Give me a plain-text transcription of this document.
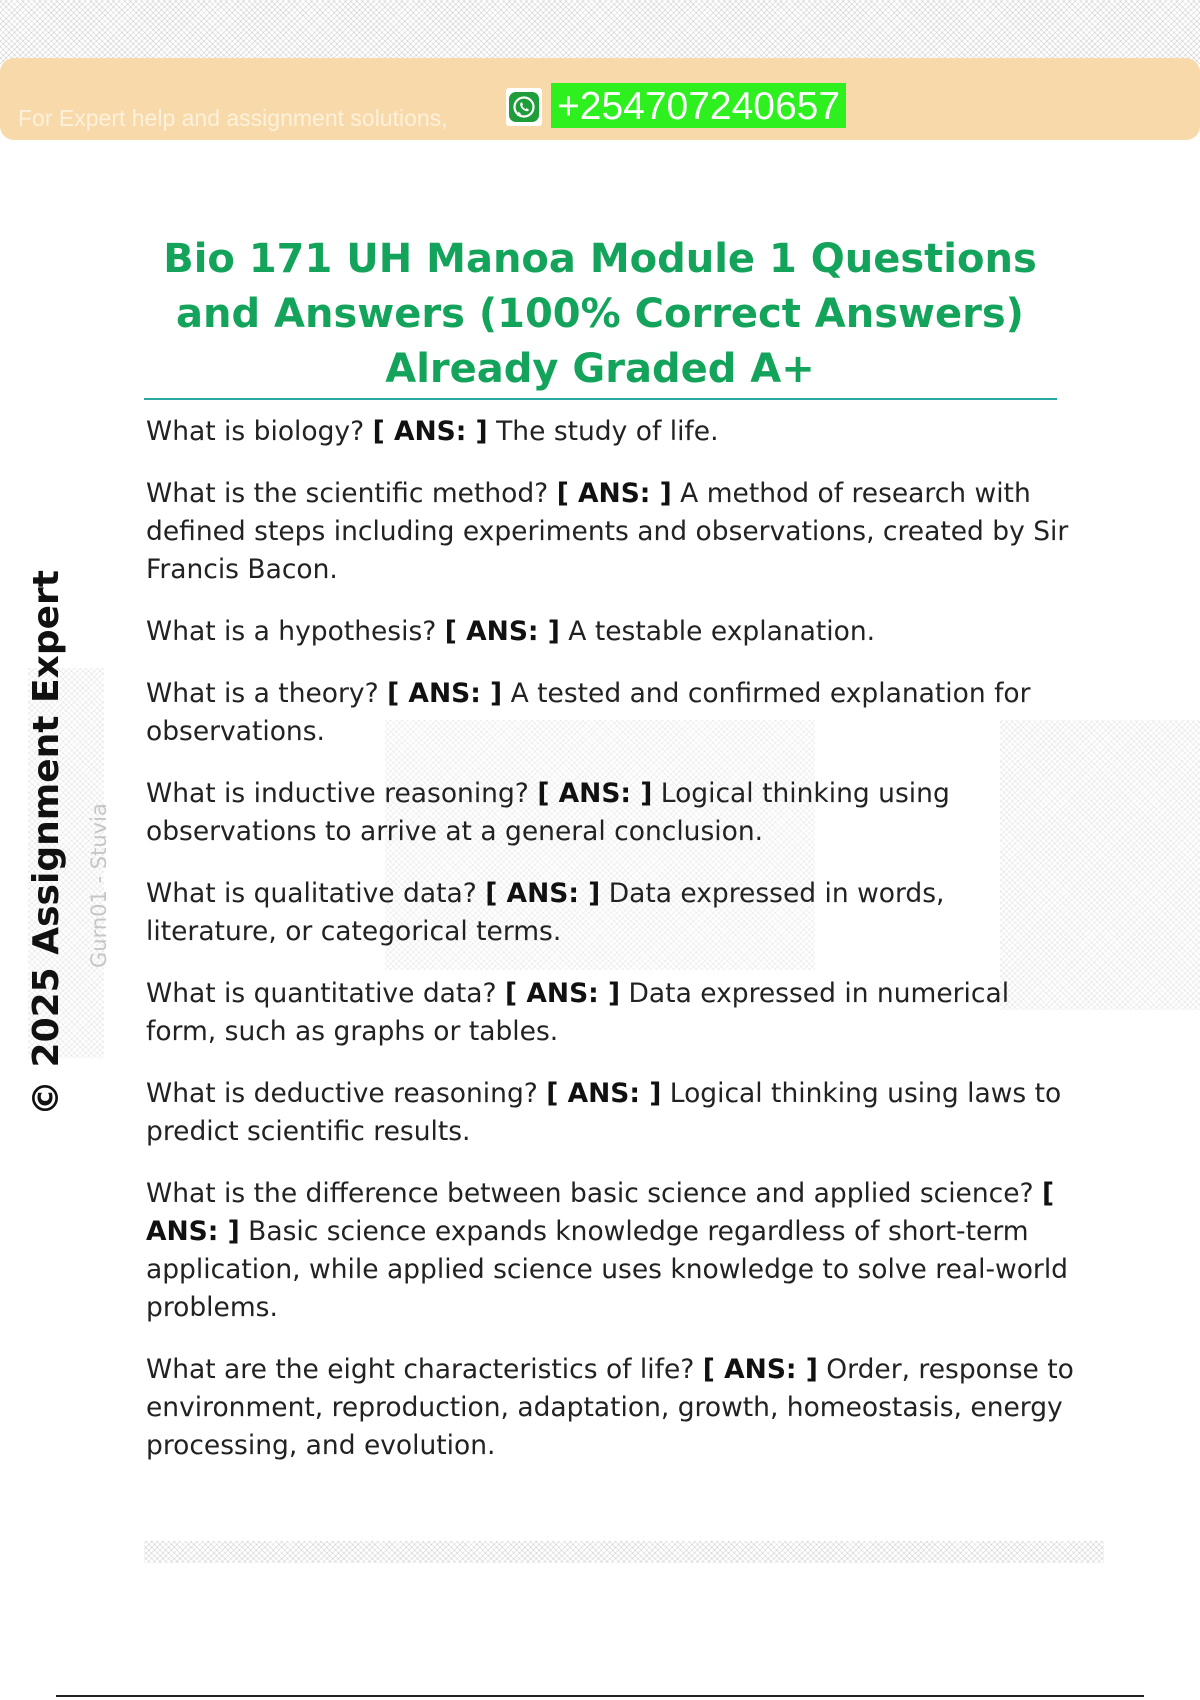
For Expert help and assignment solutions,	+254707240657
© 2025 Assignment Expert Gurn01 - Stuvia
Bio 171 UH Manoa Module 1 Questions and Answers (100% Correct Answers) Already Graded A+

What is biology? [ ANS: ] The study of life.

What is the scientific method? [ ANS: ] A method of research with defined steps including experiments and observations, created by Sir Francis Bacon.

What is a hypothesis? [ ANS: ] A testable explanation.

What is a theory? [ ANS: ] A tested and confirmed explanation for observations.

What is inductive reasoning? [ ANS: ] Logical thinking using observations to arrive at a general conclusion.

What is qualitative data? [ ANS: ] Data expressed in words, literature, or categorical terms.

What is quantitative data? [ ANS: ] Data expressed in numerical form, such as graphs or tables.

What is deductive reasoning? [ ANS: ] Logical thinking using laws to predict scientific results.

What is the difference between basic science and applied science? [ ANS: ] Basic science expands knowledge regardless of short-term application, while applied science uses knowledge to solve real-world problems.

What are the eight characteristics of life? [ ANS: ] Order, response to environment, reproduction, adaptation, growth, homeostasis, energy processing, and evolution.
